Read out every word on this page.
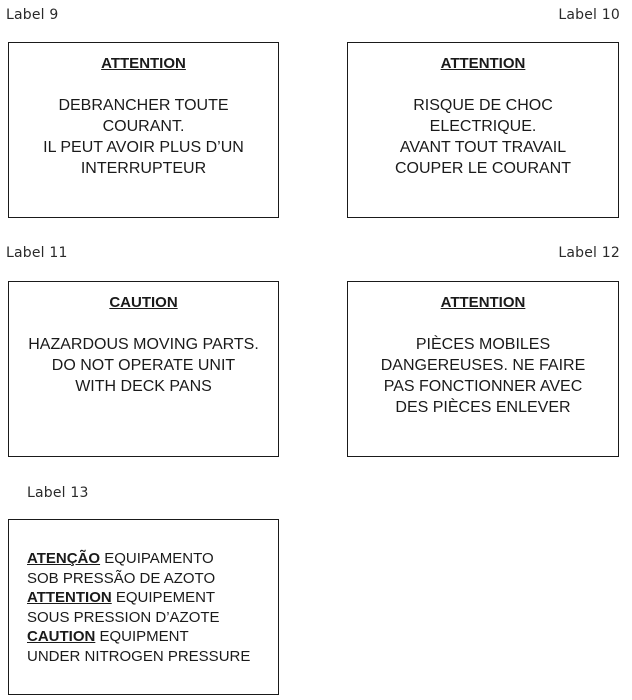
Label 9
ATTENTION
DEBRANCHER TOUTE
COURANT.
IL PEUT AVOIR PLUS D’UN
INTERRUPTEUR
Label 10
ATTENTION
RISQUE DE CHOC
ELECTRIQUE.
AVANT TOUT TRAVAIL
COUPER LE COURANT
Label 11
CAUTION
HAZARDOUS MOVING PARTS.
DO NOT OPERATE UNIT
WITH DECK PANS
Label 12
ATTENTION
PIÈCES MOBILES
DANGEREUSES. NE FAIRE
PAS FONCTIONNER AVEC
DES PIÈCES ENLEVER
Label 13
ATENÇÃO EQUIPAMENTO
SOB PRESSÃO DE AZOTO
ATTENTION EQUIPEMENT
SOUS PRESSION D’AZOTE
CAUTION EQUIPMENT
UNDER NITROGEN PRESSURE
